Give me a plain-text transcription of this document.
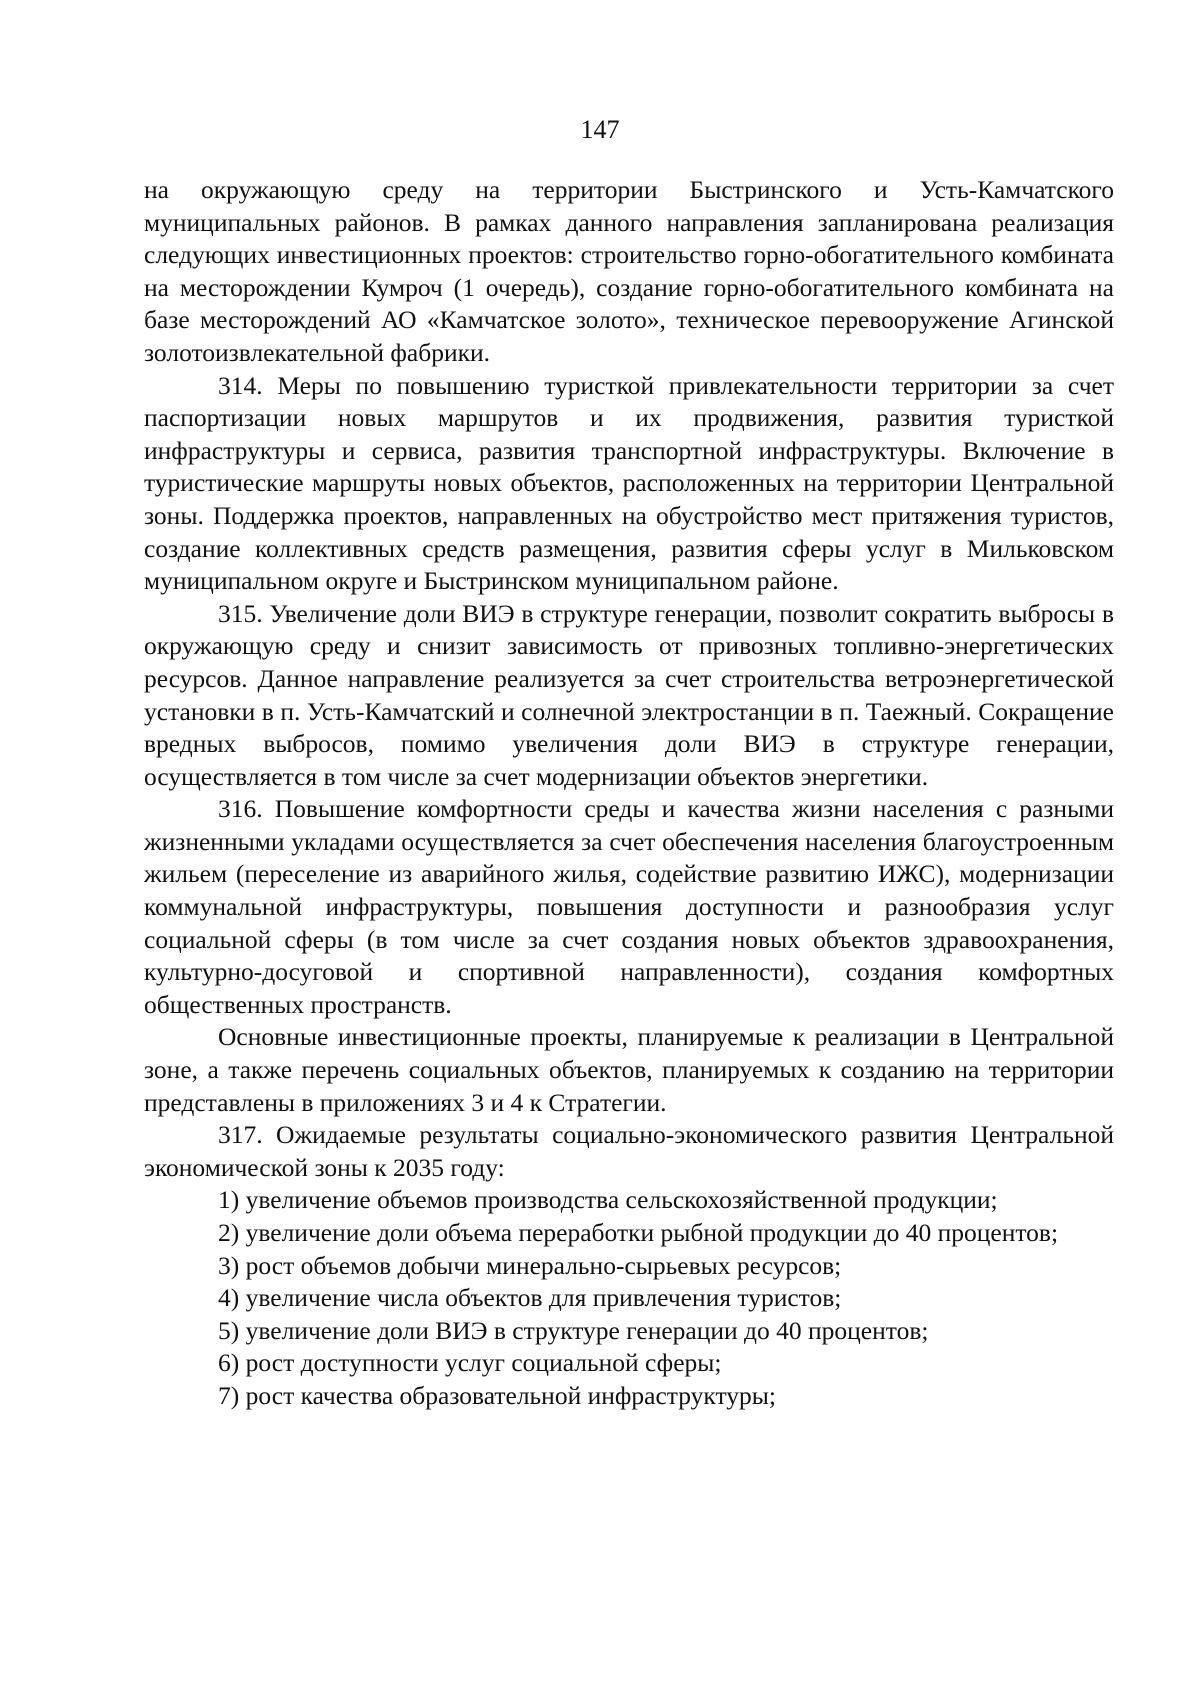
147

на окружающую среду на территории Быстринского и Усть-Камчатского муниципальных районов. В рамках данного направления запланирована реализация следующих инвестиционных проектов: строительство горно-обогатительного комбината на месторождении Кумроч (1 очередь), создание горно-обогатительного комбината на базе месторождений АО «Камчатское золото», техническое перевооружение Агинской золотоизвлекательной фабрики.

314. Меры по повышению туристкой привлекательности территории за счет паспортизации новых маршрутов и их продвижения, развития туристкой инфраструктуры и сервиса, развития транспортной инфраструктуры. Включение в туристические маршруты новых объектов, расположенных на территории Центральной зоны. Поддержка проектов, направленных на обустройство мест притяжения туристов, создание коллективных средств размещения, развития сферы услуг в Мильковском муниципальном округе и Быстринском муниципальном районе.

315. Увеличение доли ВИЭ в структуре генерации, позволит сократить выбросы в окружающую среду и снизит зависимость от привозных топливно-энергетических ресурсов. Данное направление реализуется за счет строительства ветроэнергетической установки в п. Усть-Камчатский и солнечной электростанции в п. Таежный. Сокращение вредных выбросов, помимо увеличения доли ВИЭ в структуре генерации, осуществляется в том числе за счет модернизации объектов энергетики.

316. Повышение комфортности среды и качества жизни населения с разными жизненными укладами осуществляется за счет обеспечения населения благоустроенным жильем (переселение из аварийного жилья, содействие развитию ИЖС), модернизации коммунальной инфраструктуры, повышения доступности и разнообразия услуг социальной сферы (в том числе за счет создания новых объектов здравоохранения, культурно-досуговой и спортивной направленности), создания комфортных общественных пространств.

Основные инвестиционные проекты, планируемые к реализации в Центральной зоне, а также перечень социальных объектов, планируемых к созданию на территории представлены в приложениях 3 и 4 к Стратегии.

317. Ожидаемые результаты социально-экономического развития Центральной экономической зоны к 2035 году:

1) увеличение объемов производства сельскохозяйственной продукции;

2) увеличение доли объема переработки рыбной продукции до 40 процентов;

3) рост объемов добычи минерально-сырьевых ресурсов;

4) увеличение числа объектов для привлечения туристов;

5) увеличение доли ВИЭ в структуре генерации до 40 процентов;

6) рост доступности услуг социальной сферы;

7) рост качества образовательной инфраструктуры;
